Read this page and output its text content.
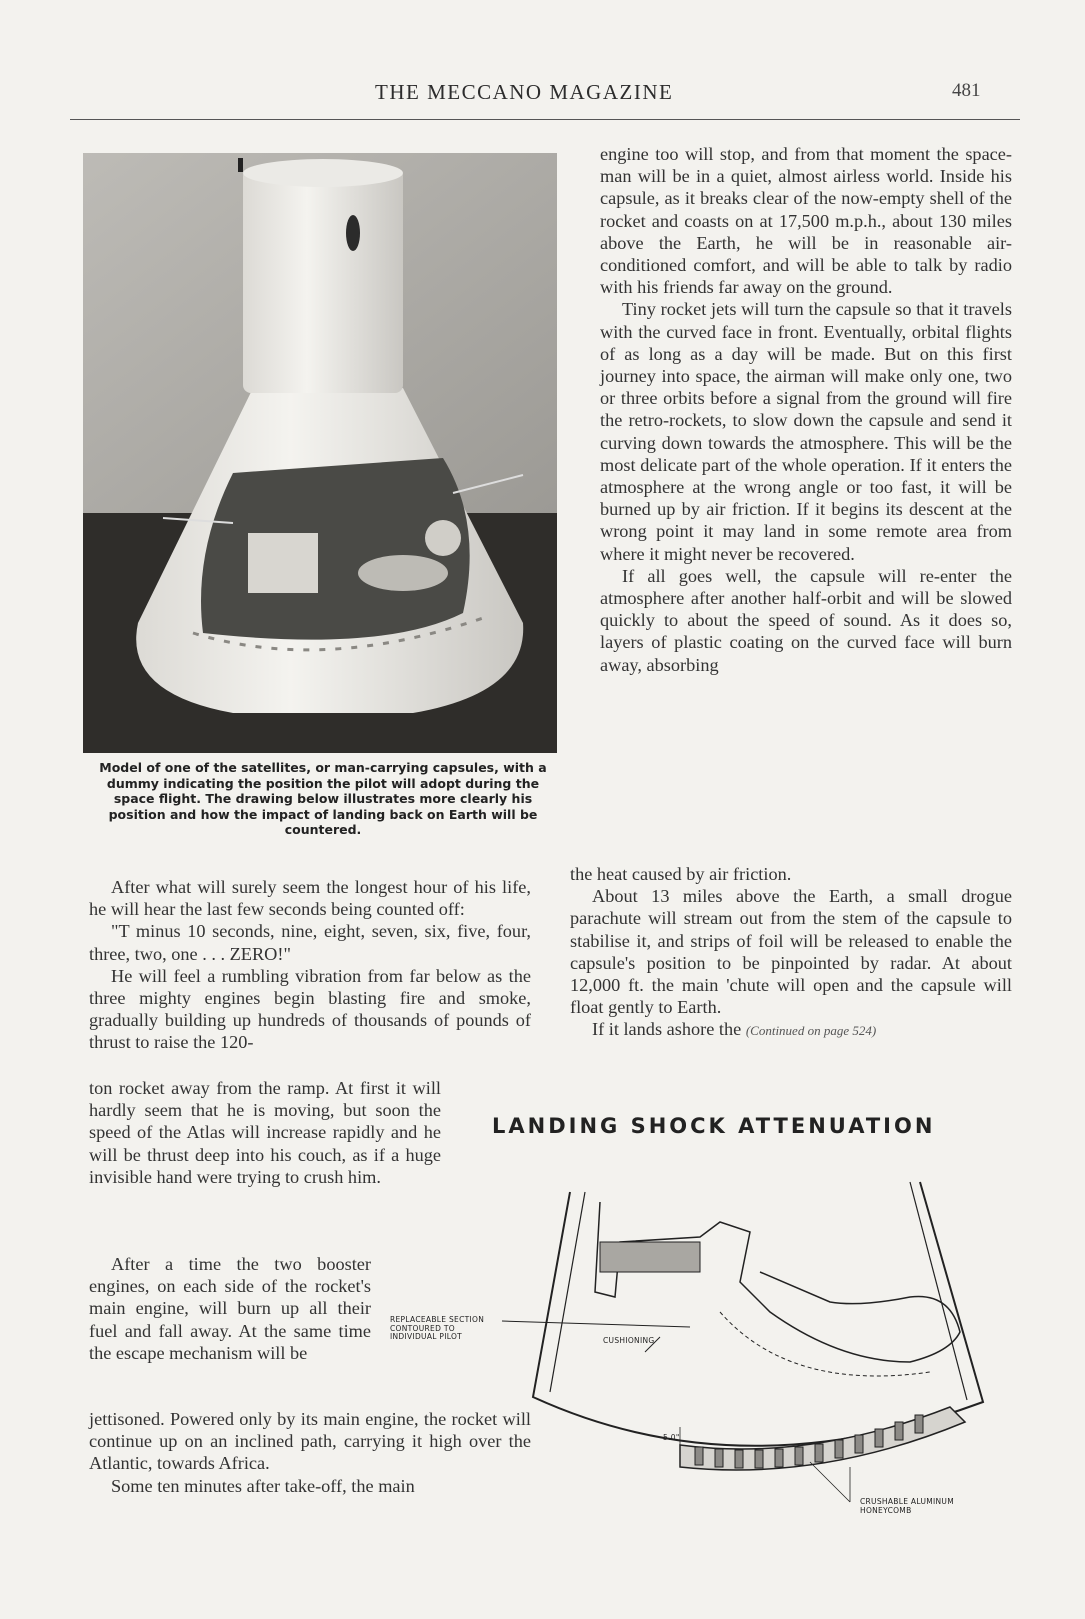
THE MECCANO MAGAZINE	481
Model of one of the satellites, or man-carrying capsules, with a dummy indicating the position the pilot will adopt during the space flight. The drawing below illustrates more clearly his position and how the impact of landing back on Earth will be countered.

engine too will stop, and from that moment the space-man will be in a quiet, almost airless world. Inside his capsule, as it breaks clear of the now-empty shell of the rocket and coasts on at 17,500 m.p.h., about 130 miles above the Earth, he will be in reasonable air-conditioned comfort, and will be able to talk by radio with his friends far away on the ground.

Tiny rocket jets will turn the capsule so that it travels with the curved face in front. Eventually, orbital flights of as long as a day will be made. But on this first journey into space, the airman will make only one, two or three orbits before a signal from the ground will fire the retro-rockets, to slow down the capsule and send it curving down towards the atmosphere. This will be the most delicate part of the whole operation. If it enters the atmosphere at the wrong angle or too fast, it will be burned up by air friction. If it begins its descent at the wrong point it may land in some remote area from where it might never be recovered.

If all goes well, the capsule will re-enter the atmosphere after another half-orbit and will be slowed quickly to about the speed of sound. As it does so, layers of plastic coating on the curved face will burn away, absorbing

the heat caused by air friction.

About 13 miles above the Earth, a small drogue parachute will stream out from the stem of the capsule to stabilise it, and strips of foil will be released to enable the capsule's position to be pinpointed by radar. At about 12,000 ft. the main 'chute will open and the capsule will float gently to Earth.

If it lands ashore the (Continued on page 524)

After what will surely seem the longest hour of his life, he will hear the last few seconds being counted off:

"T minus 10 seconds, nine, eight, seven, six, five, four, three, two, one . . . ZERO!"

He will feel a rumbling vibration from far below as the three mighty engines begin blasting fire and smoke, gradually building up hundreds of thousands of pounds of thrust to raise the 120-

ton rocket away from the ramp. At first it will hardly seem that he is moving, but soon the speed of the Atlas will increase rapidly and he will be thrust deep into his couch, as if a huge invisible hand were trying to crush him.

After a time the two booster engines, on each side of the rocket's main engine, will burn up all their fuel and fall away. At the same time the escape mechanism will be

jettisoned. Powered only by its main engine, the rocket will continue up on an inclined path, carrying it high over the Atlantic, towards Africa.

Some ten minutes after take-off, the main

LANDING SHOCK ATTENUATION
REPLACEABLE SECTION
CONTOURED TO
INDIVIDUAL PILOT	CUSHIONING
5.0"
CRUSHABLE ALUMINUM
HONEYCOMB
